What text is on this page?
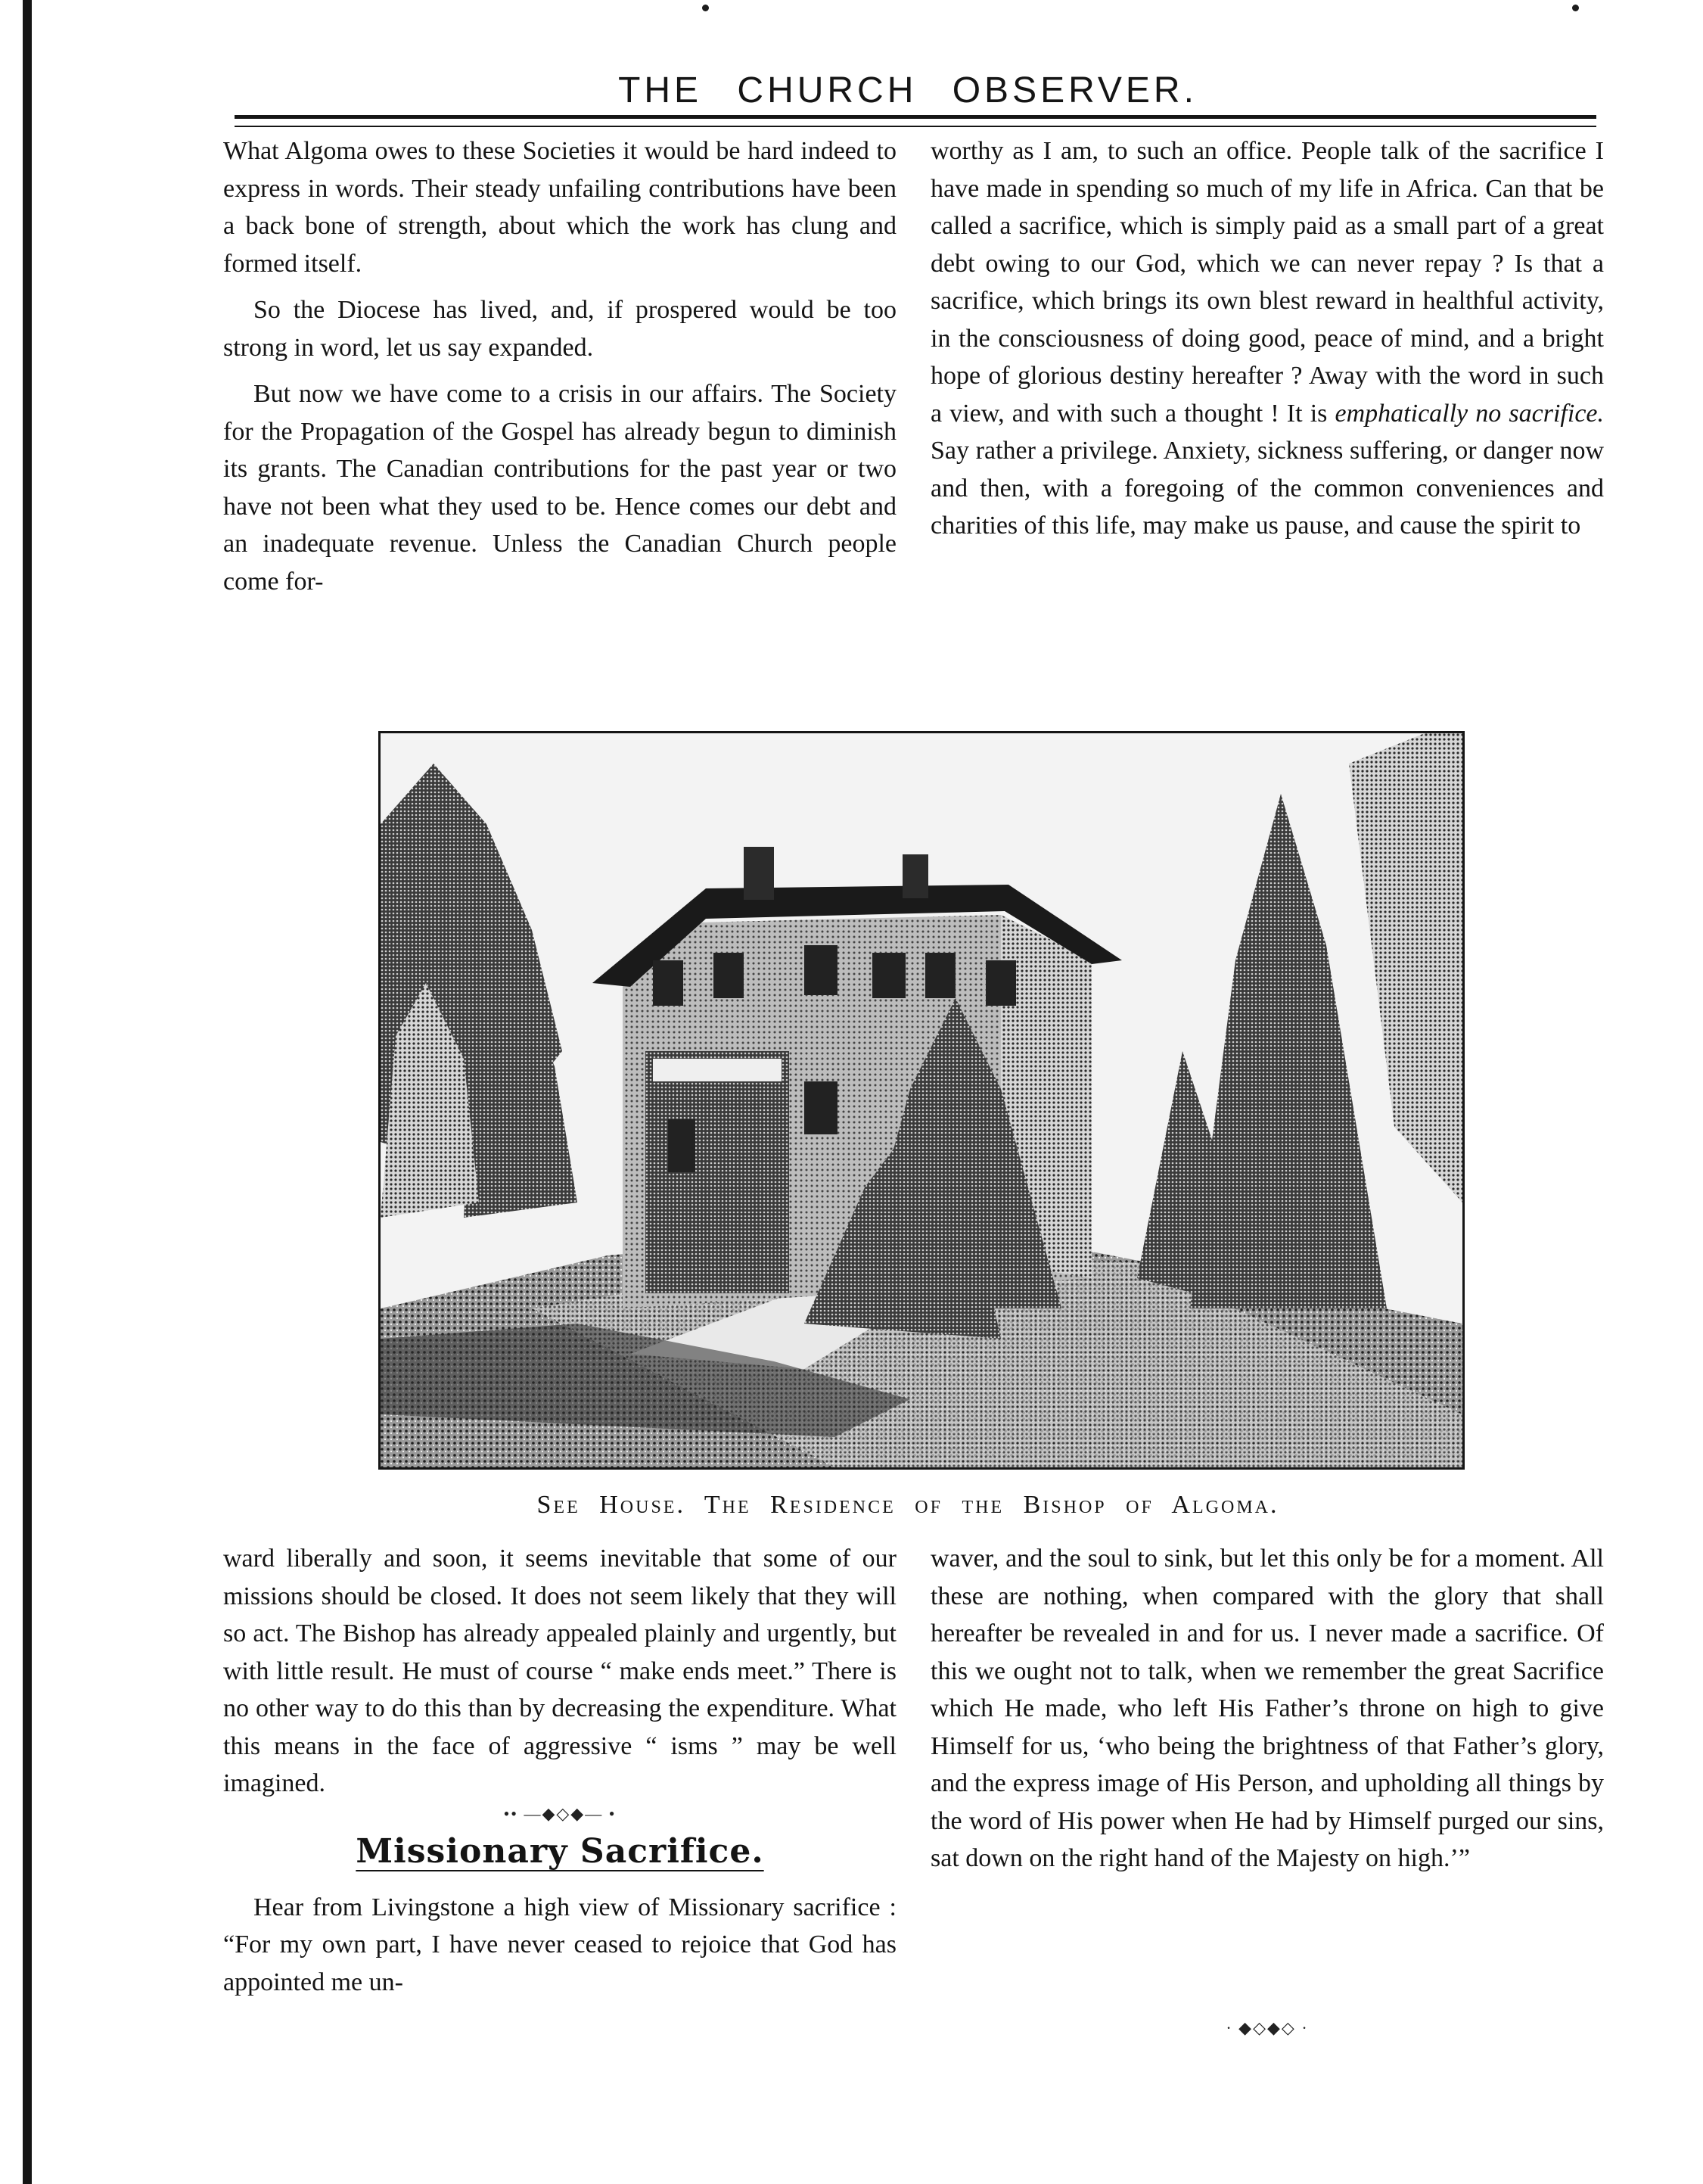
THE CHURCH OBSERVER.

What Algoma owes to these Societies it would be hard indeed to express in words. Their steady unfailing contributions have been a back bone of strength, about which the work has clung and formed itself.

So the Diocese has lived, and, if prospered would be too strong in word, let us say expanded.

But now we have come to a crisis in our affairs. The Society for the Propagation of the Gospel has already begun to diminish its grants. The Canadian contributions for the past year or two have not been what they used to be. Hence comes our debt and an inadequate revenue. Unless the Canadian Church people come for-

worthy as I am, to such an office. People talk of the sacrifice I have made in spending so much of my life in Africa. Can that be called a sacrifice, which is simply paid as a small part of a great debt owing to our God, which we can never repay ? Is that a sacrifice, which brings its own blest reward in healthful activity, in the consciousness of doing good, peace of mind, and a bright hope of glorious destiny hereafter ? Away with the word in such a view, and with such a thought ! It is emphatically no sacrifice. Say rather a privilege. Anxiety, sickness suffering, or danger now and then, with a foregoing of the common conveniences and charities of this life, may make us pause, and cause the spirit to

See House. The Residence of the Bishop of Algoma.

ward liberally and soon, it seems inevitable that some of our missions should be closed. It does not seem likely that they will so act. The Bishop has already appealed plainly and urgently, but with little result. He must of course “ make ends meet.” There is no other way to do this than by decreasing the expenditure. What this means in the face of aggressive “ isms ” may be well imagined.

•• —◆◇◆— •
Missionary Sacrifice.

Hear from Livingstone a high view of Missionary sacrifice : “For my own part, I have never ceased to rejoice that God has appointed me un-

waver, and the soul to sink, but let this only be for a moment. All these are nothing, when compared with the glory that shall hereafter be revealed in and for us. I never made a sacrifice. Of this we ought not to talk, when we remember the great Sacrifice which He made, who left His Father’s throne on high to give Himself for us, ‘who being the brightness of that Father’s glory, and the express image of His Person, and upholding all things by the word of His power when He had by Himself purged our sins, sat down on the right hand of the Majesty on high.’”

· ◆◇◆◇ ·
